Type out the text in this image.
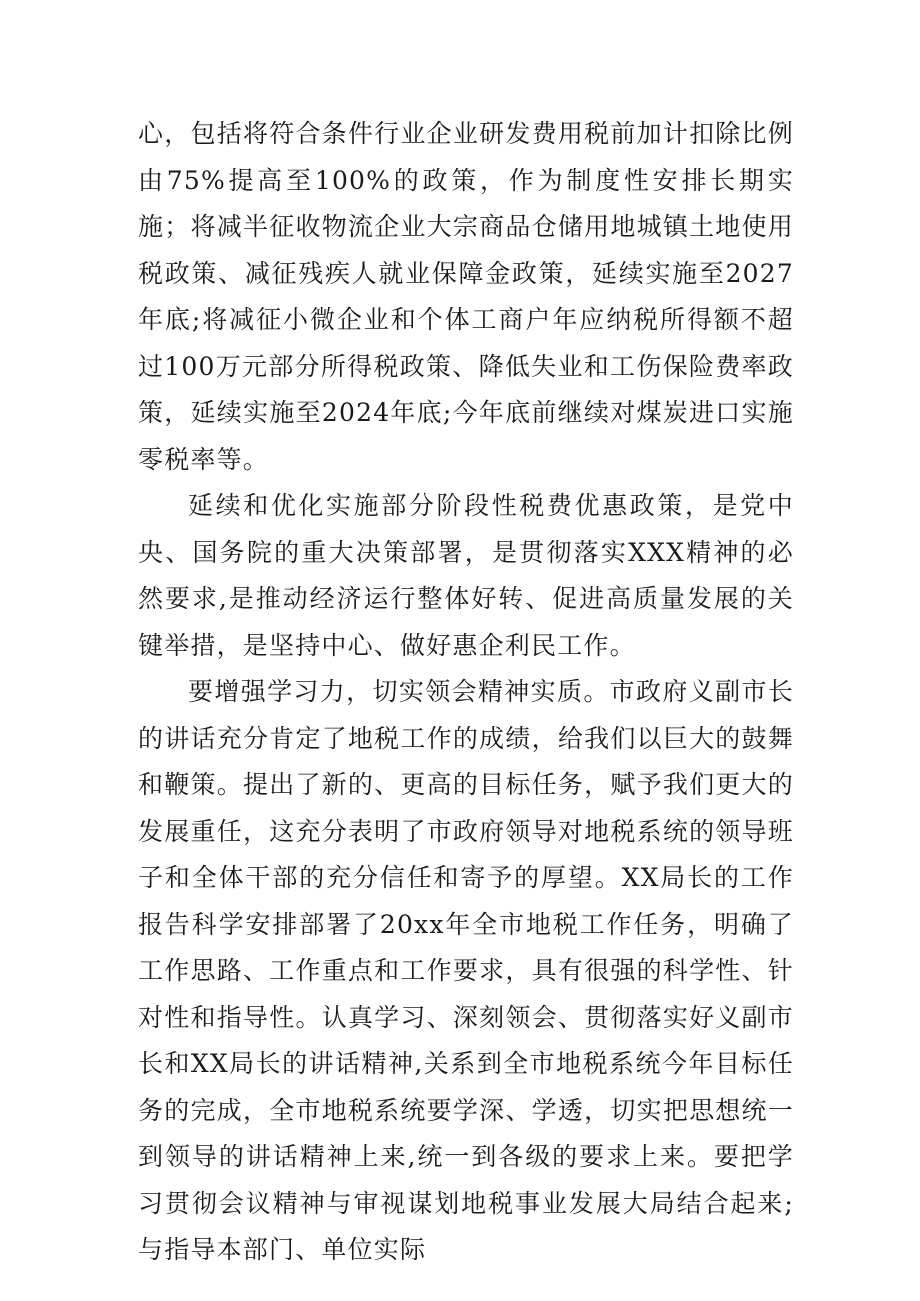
心，包括将符合条件行业企业研发费用税前加计扣除比例由75%提高至100%的政策，作为制度性安排长期实施；将减半征收物流企业大宗商品仓储用地城镇土地使用税政策、减征残疾人就业保障金政策，延续实施至2027年底;将减征小微企业和个体工商户年应纳税所得额不超过100万元部分所得税政策、降低失业和工伤保险费率政策，延续实施至2024年底;今年底前继续对煤炭进口实施零税率等。

延续和优化实施部分阶段性税费优惠政策，是党中央、国务院的重大决策部署，是贯彻落实XXX精神的必然要求,是推动经济运行整体好转、促进高质量发展的关键举措，是坚持中心、做好惠企利民工作。

要增强学习力，切实领会精神实质。市政府义副市长的讲话充分肯定了地税工作的成绩，给我们以巨大的鼓舞和鞭策。提出了新的、更高的目标任务，赋予我们更大的发展重任，这充分表明了市政府领导对地税系统的领导班子和全体干部的充分信任和寄予的厚望。XX局长的工作报告科学安排部署了20xx年全市地税工作任务，明确了工作思路、工作重点和工作要求，具有很强的科学性、针对性和指导性。认真学习、深刻领会、贯彻落实好义副市长和XX局长的讲话精神,关系到全市地税系统今年目标任务的完成，全市地税系统要学深、学透，切实把思想统一到领导的讲话精神上来,统一到各级的要求上来。要把学习贯彻会议精神与审视谋划地税事业发展大局结合起来;与指导本部门、单位实际
